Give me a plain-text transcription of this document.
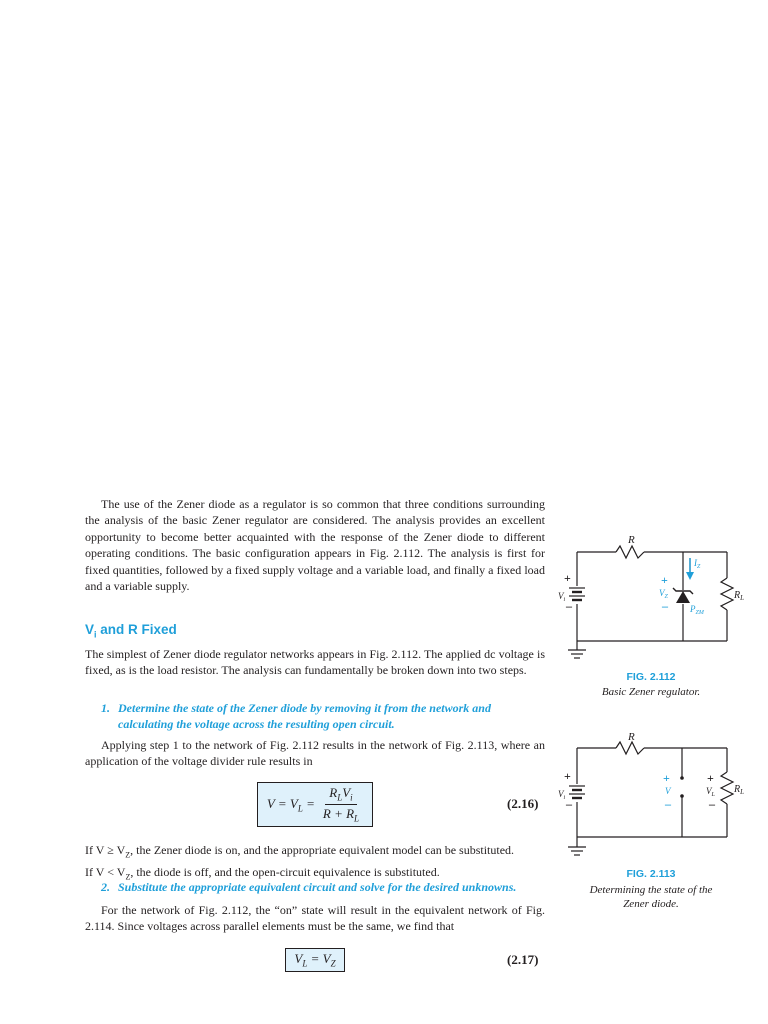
The use of the Zener diode as a regulator is so common that three conditions surrounding the analysis of the basic Zener regulator are considered. The analysis provides an excellent opportunity to become better acquainted with the response of the Zener diode to different operating conditions. The basic configuration appears in Fig. 2.112. The analysis is first for fixed quantities, followed by a fixed supply voltage and a variable load, and finally a fixed load and a variable supply.

$V_i$ and R Fixed

The simplest of Zener diode regulator networks appears in Fig. 2.112. The applied dc voltage is fixed, as is the load resistor. The analysis can fundamentally be broken down into two steps.

1. Determine the state of the Zener diode by removing it from the network and
calculating the voltage across the resulting open circuit.

Applying step 1 to the network of Fig. 2.112 results in the network of Fig. 2.113, where an application of the voltage divider rule results in

$V = V_L = \frac{R_LV_i}{R + R_L}$	(2.16)
If $V \ge V_Z$, the Zener diode is on, and the appropriate equivalent model can be substituted.
If $V < V_Z$, the diode is off, and the open-circuit equivalence is substituted.
2. Substitute the appropriate equivalent circuit and solve for the desired unknowns.

For the network of Fig. 2.112, the “on” state will result in the equivalent network of Fig. 2.114. Since voltages across parallel elements must be the same, we find that

$V_L = V_Z$	(2.17)
R
+
$V_i$ –
+
$V_Z$
–
$I_Z$
$P_{ZM}$
$R_L$
FIG. 2.112
Basic Zener regulator.
R
+
$V_i$ –
+
V
–
+
$V_L$
–
$R_L$
FIG. 2.113
Determining the state of the
Zener diode.
